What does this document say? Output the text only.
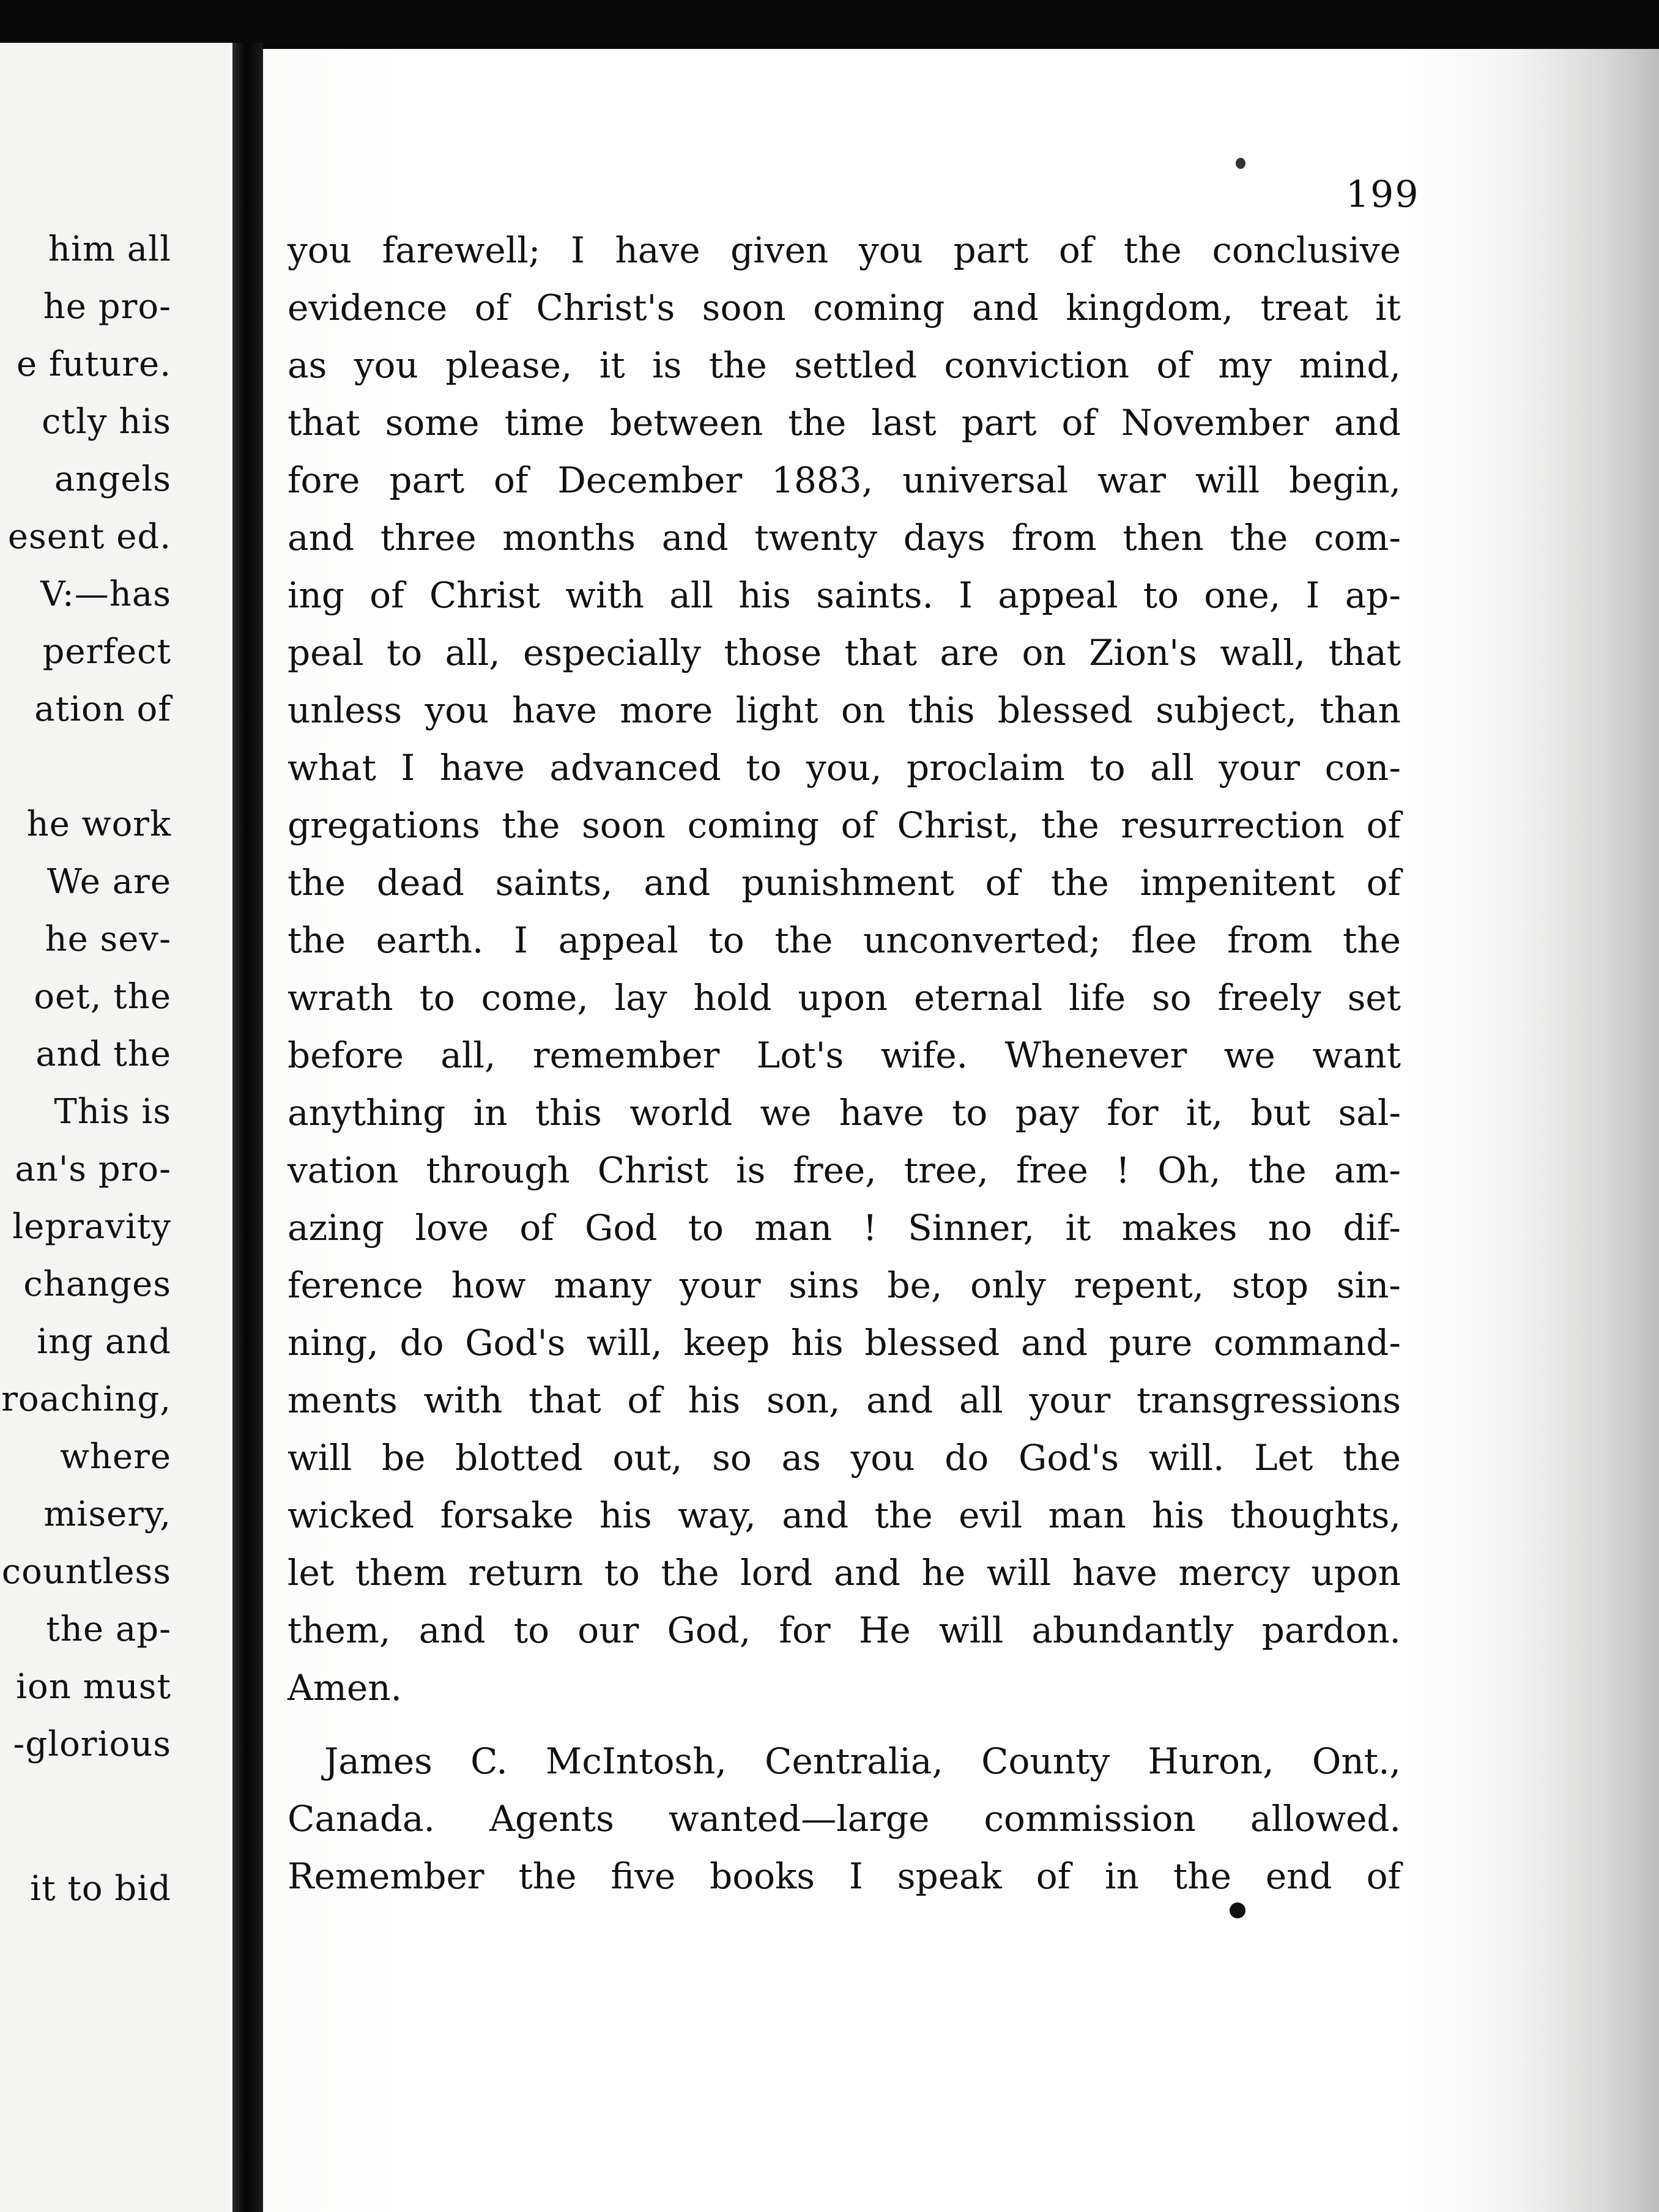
him all

he pro-

e future.

ctly his

angels

esent ed.

V:—has

perfect

ation of

he work

We are

he sev-

oet, the

and the

This is

an's pro-

lepravity

changes

ing and

roaching,

where

misery,

countless

the ap-

ion must

-glorious

it to bid

199

you farewell; I have given you part of the conclusive

evidence of Christ's soon coming and kingdom, treat it

as you please, it is the settled conviction of my mind,

that some time between the last part of November and

fore part of December 1883, universal war will begin,

and three months and twenty days from then the com-

ing of Christ with all his saints. I appeal to one, I ap-

peal to all, especially those that are on Zion's wall, that

unless you have more light on this blessed subject, than

what I have advanced to you, proclaim to all your con-

gregations the soon coming of Christ, the resurrection of

the dead saints, and punishment of the impenitent of

the earth. I appeal to the unconverted; flee from the

wrath to come, lay hold upon eternal life so freely set

before all, remember Lot's wife. Whenever we want

anything in this world we have to pay for it, but sal-

vation through Christ is free, tree, free ! Oh, the am-

azing love of God to man ! Sinner, it makes no dif-

ference how many your sins be, only repent, stop sin-

ning, do God's will, keep his blessed and pure command-

ments with that of his son, and all your transgressions

will be blotted out, so as you do God's will. Let the

wicked forsake his way, and the evil man his thoughts,

let them return to the lord and he will have mercy upon

them, and to our God, for He will abundantly pardon.

Amen.

James C. McIntosh, Centralia, County Huron, Ont.,

Canada. Agents wanted—large commission allowed.

Remember the five books I speak of in the end of
